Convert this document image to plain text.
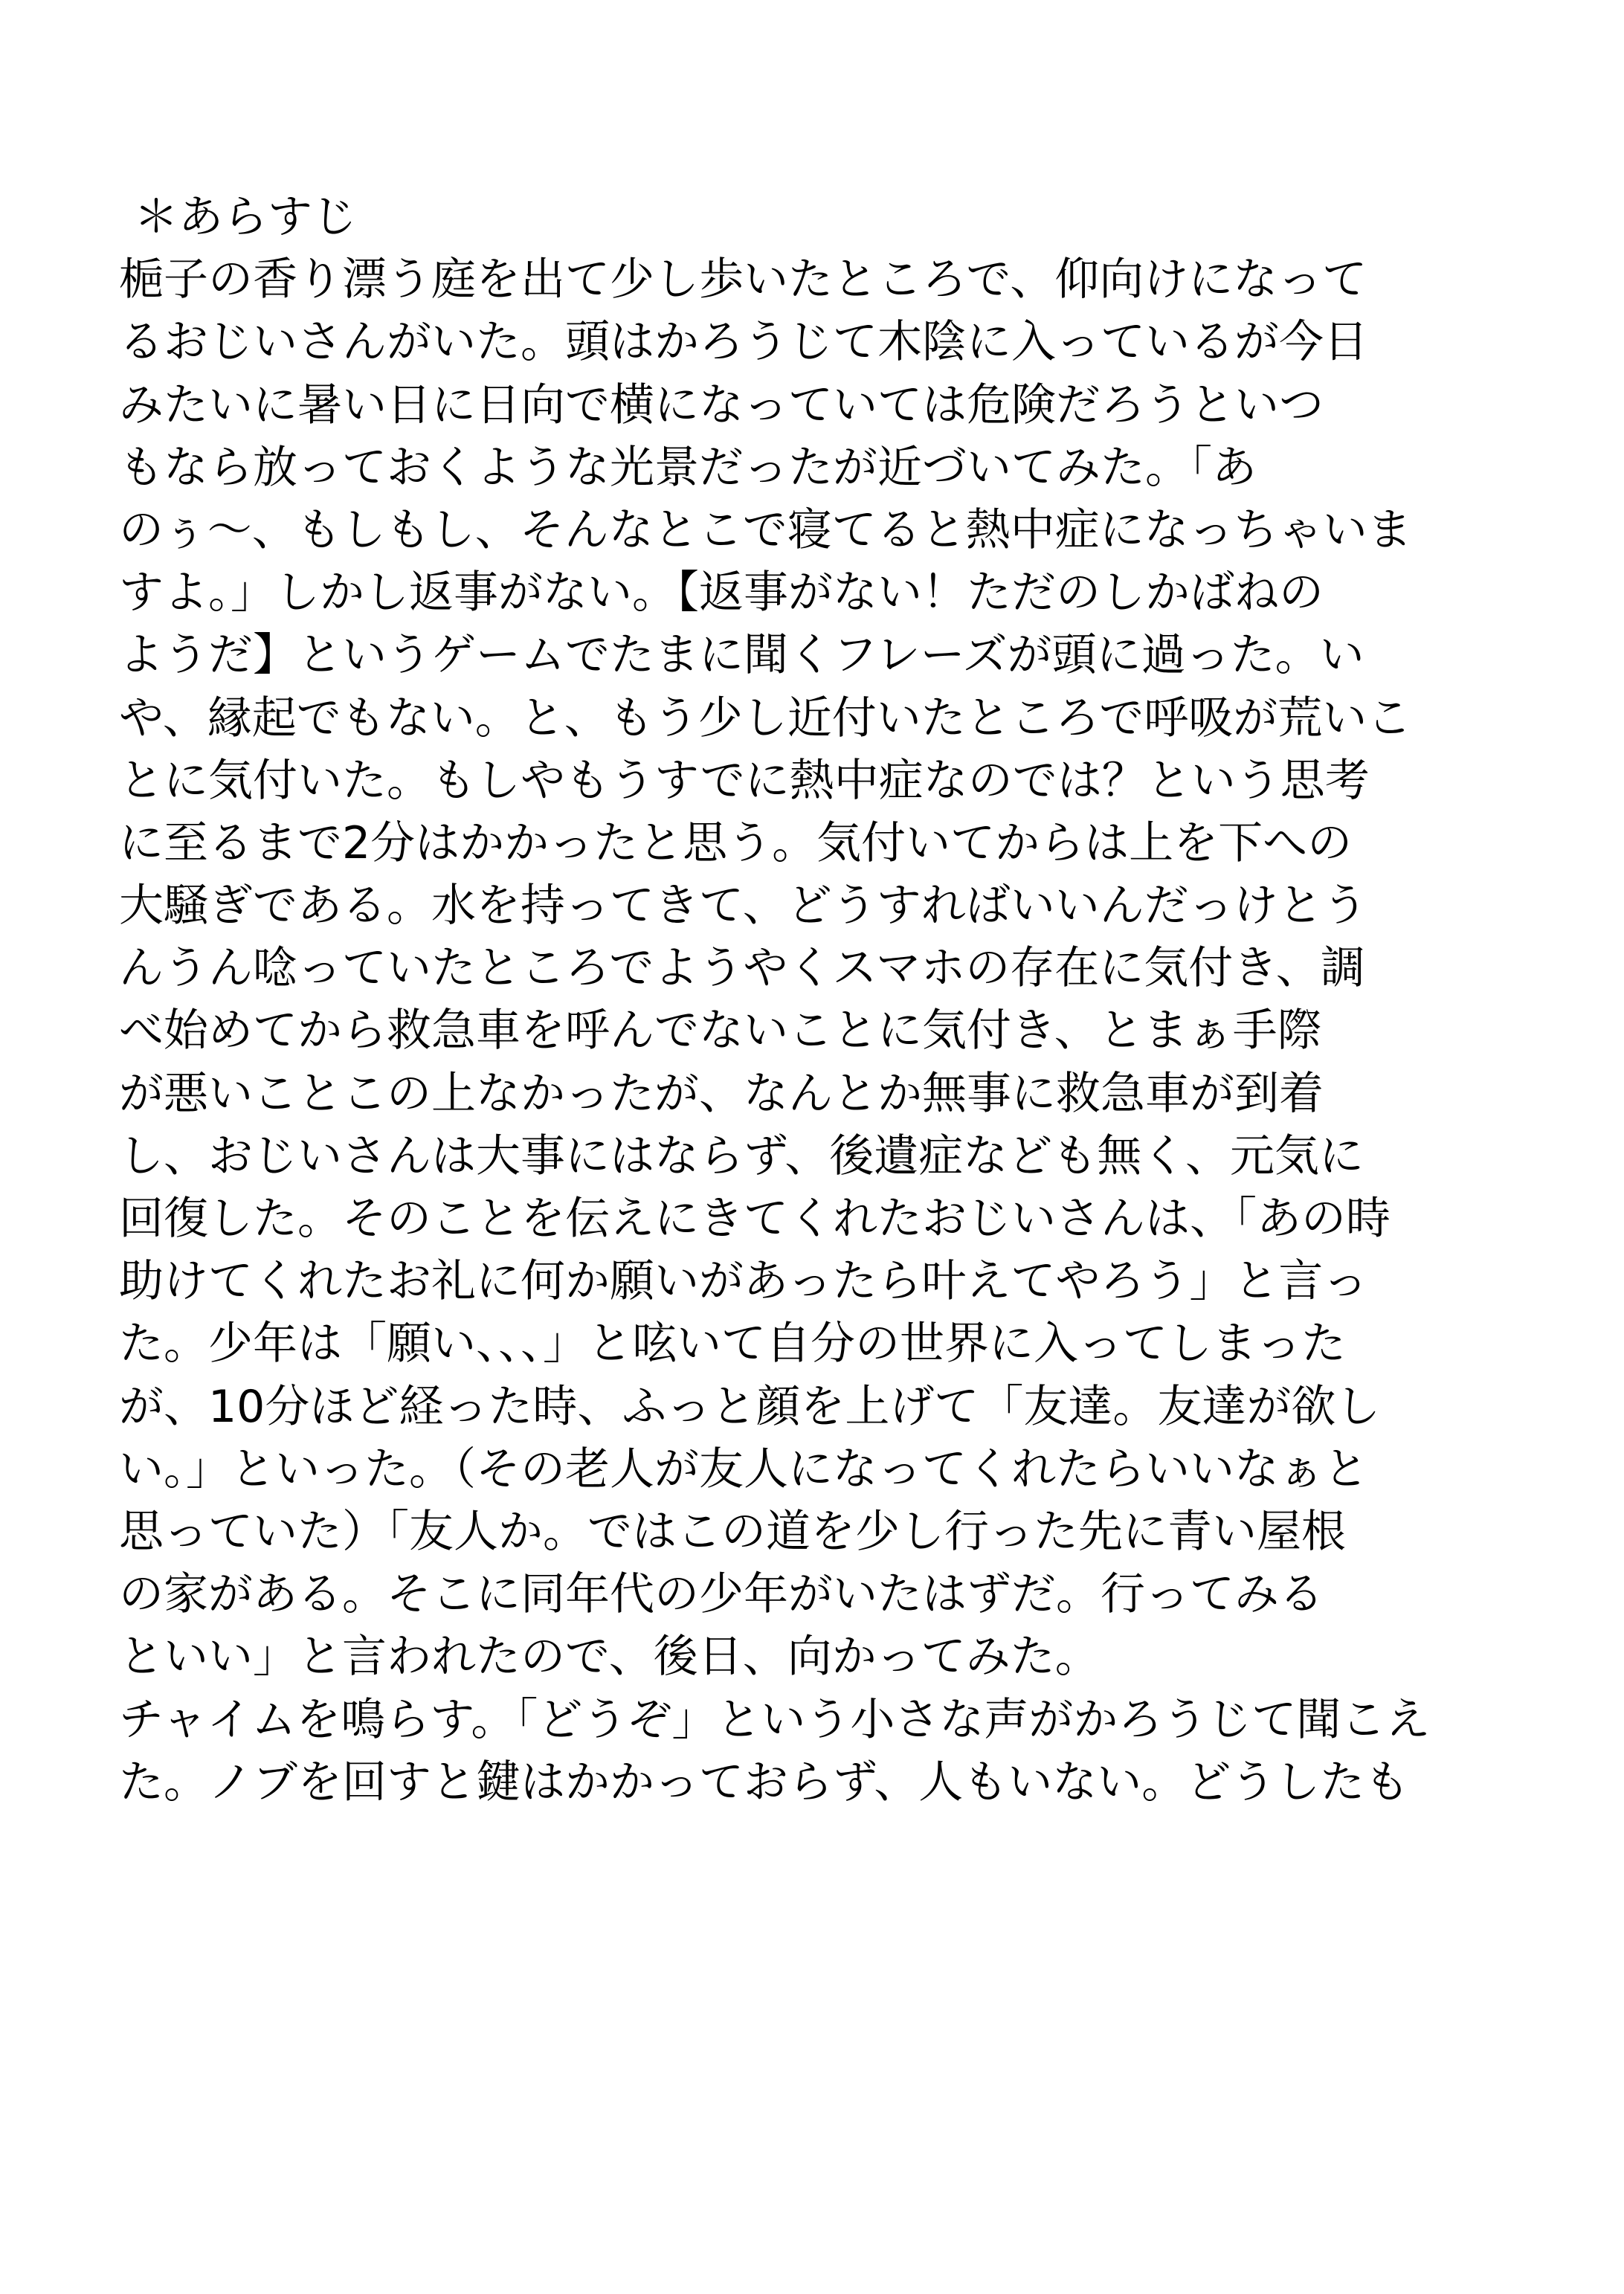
＊あらすじ
梔子の香り漂う庭を出て少し歩いたところで、仰向けになって
るおじいさんがいた。頭はかろうじて木陰に入っているが今日
みたいに暑い日に日向で横になっていては危険だろうといつ
もなら放っておくような光景だったが近づいてみた。「あ
のぅ～、もしもし、そんなとこで寝てると熱中症になっちゃいま
すよ。」しかし返事がない。【返事がない！ただのしかばねの
ようだ】というゲームでたまに聞くフレーズが頭に過った。い
や、縁起でもない。と、もう少し近付いたところで呼吸が荒いこ
とに気付いた。もしやもうすでに熱中症なのでは？という思考
に至るまで2分はかかったと思う。気付いてからは上を下への
大騒ぎである。水を持ってきて、どうすればいいんだっけとう
んうん唸っていたところでようやくスマホの存在に気付き、調
べ始めてから救急車を呼んでないことに気付き、とまぁ手際
が悪いことこの上なかったが、なんとか無事に救急車が到着
し、おじいさんは大事にはならず、後遺症なども無く、元気に
回復した。そのことを伝えにきてくれたおじいさんは、「あの時
助けてくれたお礼に何か願いがあったら叶えてやろう」と言っ
た。少年は「願い、、、」と呟いて自分の世界に入ってしまった
が、10分ほど経った時、ふっと顔を上げて「友達。友達が欲し
い。」といった。（その老人が友人になってくれたらいいなぁと
思っていた）「友人か。ではこの道を少し行った先に青い屋根
の家がある。そこに同年代の少年がいたはずだ。行ってみる
といい」と言われたので、後日、向かってみた。
チャイムを鳴らす。「どうぞ」という小さな声がかろうじて聞こえ
た。ノブを回すと鍵はかかっておらず、人もいない。どうしたも
